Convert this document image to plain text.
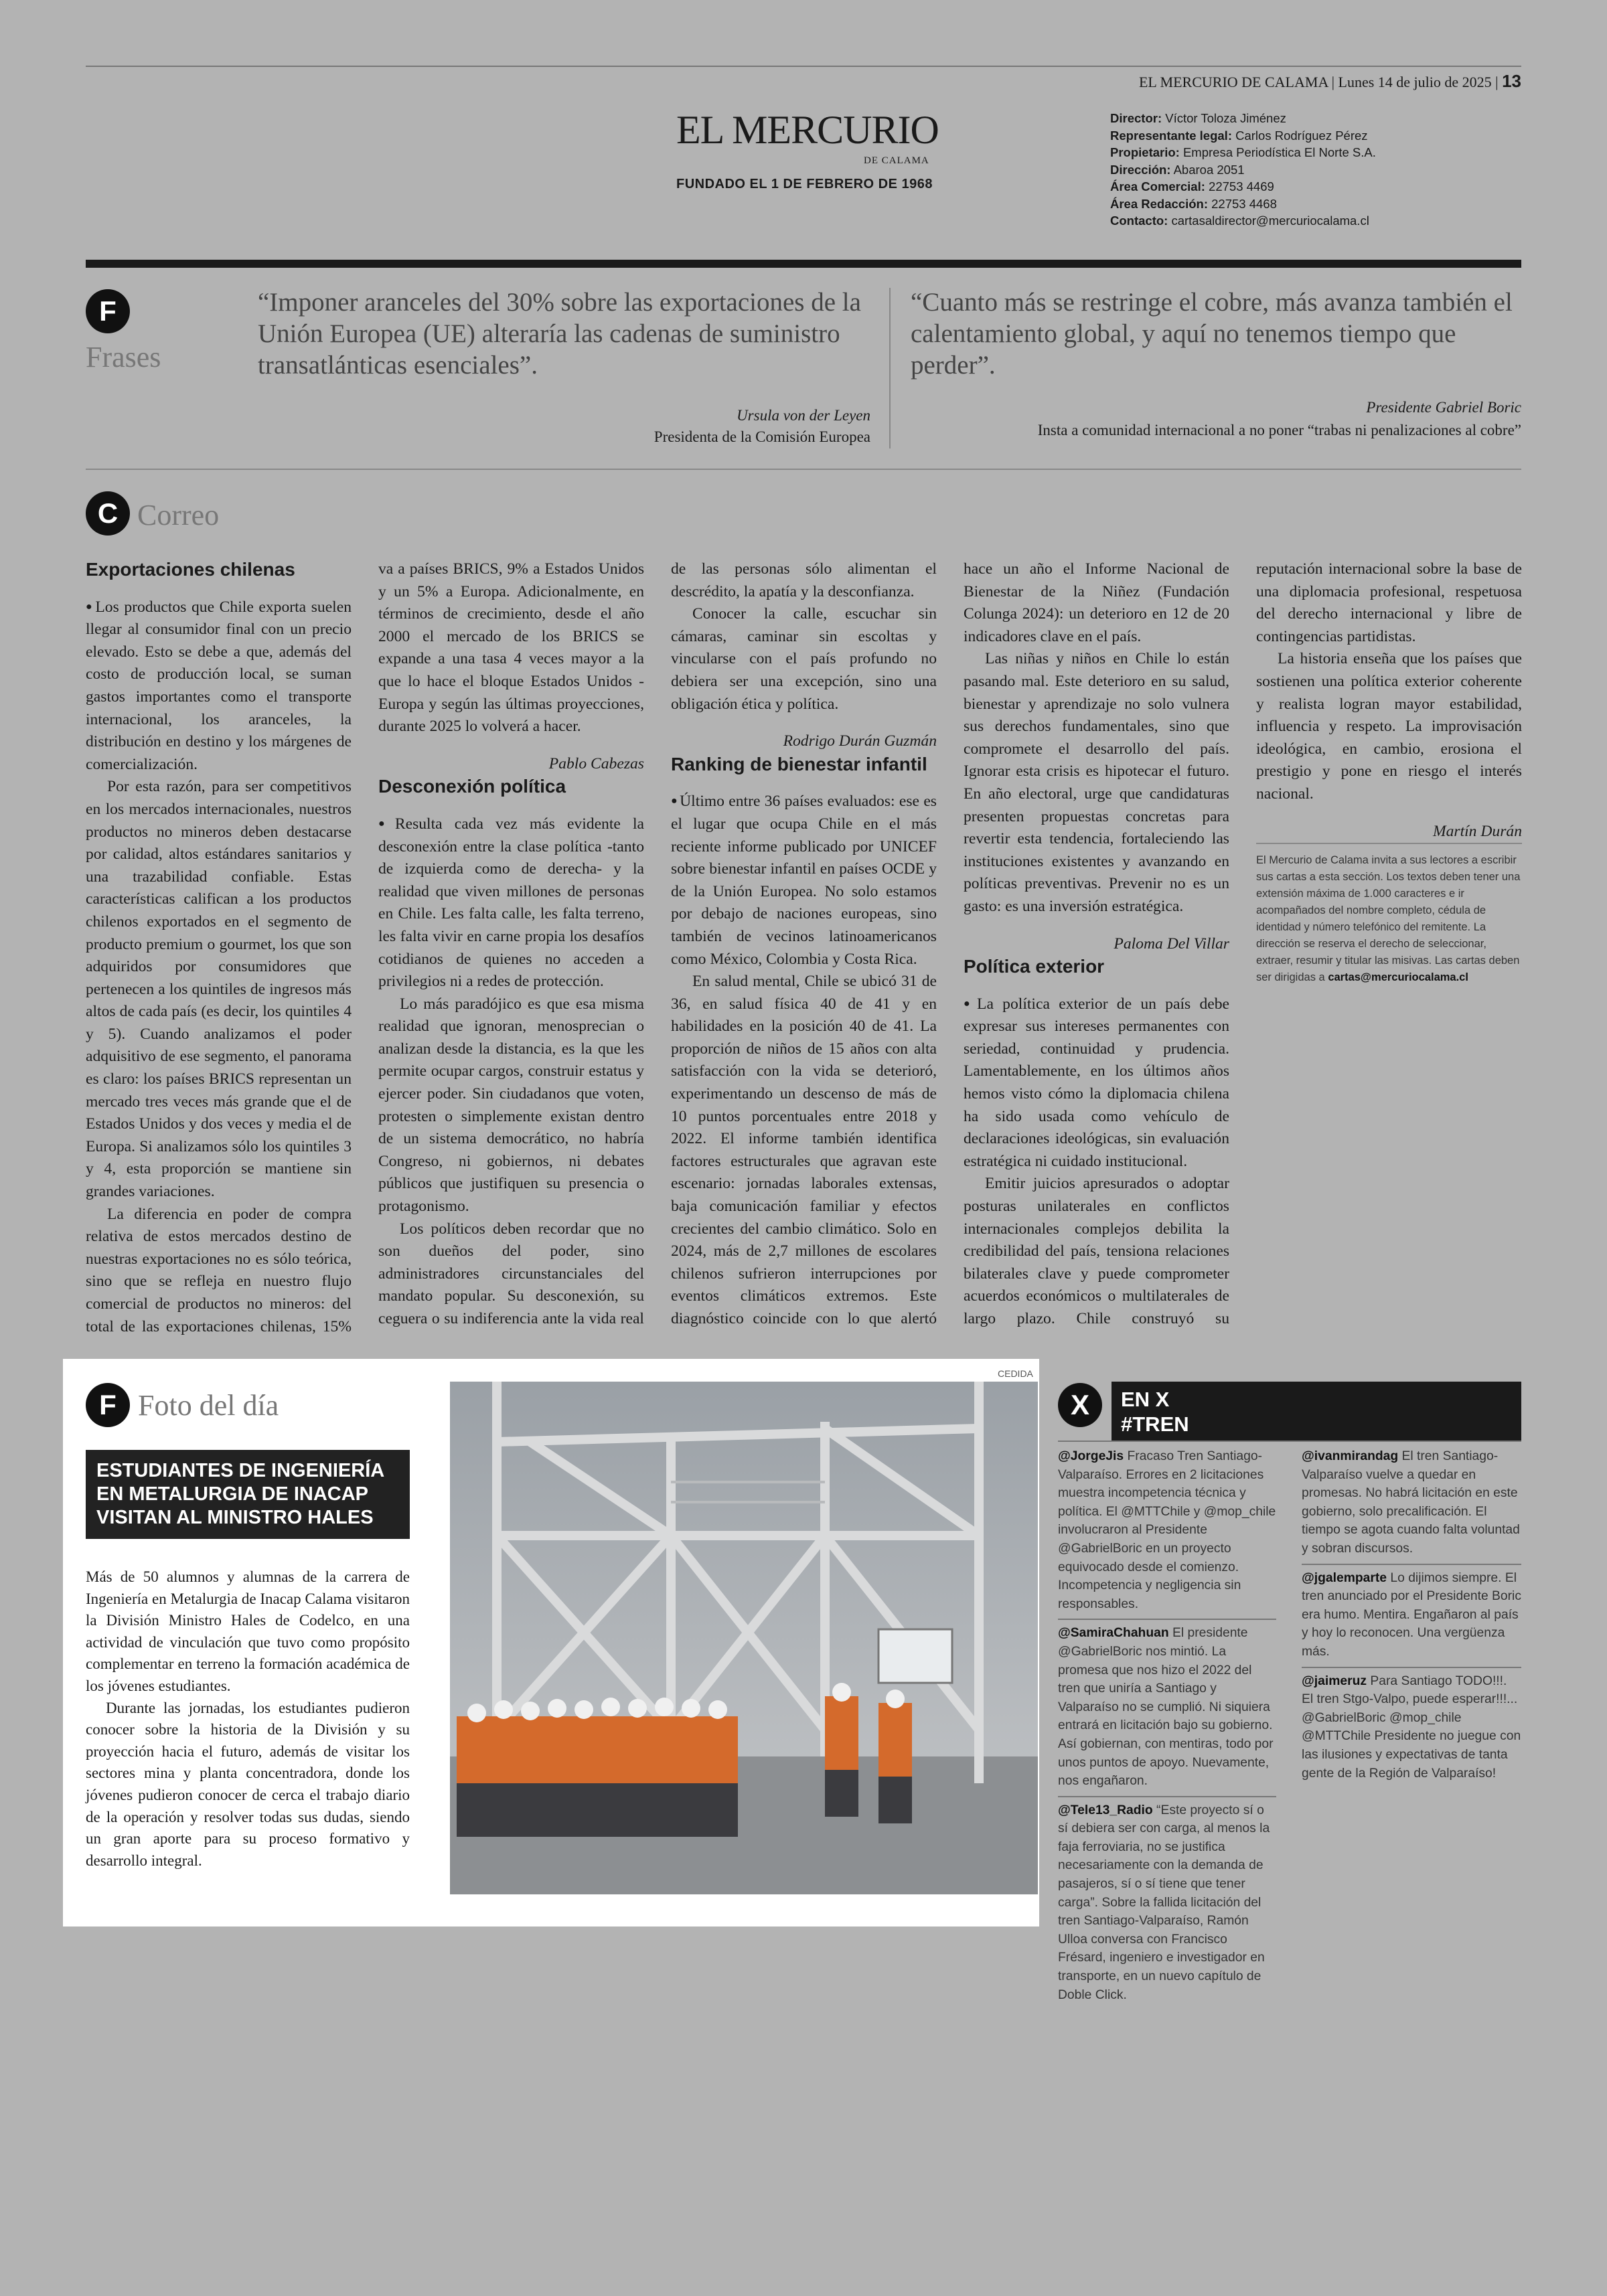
EL MERCURIO DE CALAMA | Lunes 14 de julio de 2025 | 13
EL MERCURIO
DE CALAMA
FUNDADO EL 1 DE FEBRERO DE 1968
Director: Víctor Toloza Jiménez
Representante legal: Carlos Rodríguez Pérez
Propietario: Empresa Periodística El Norte S.A.
Dirección: Abaroa 2051
Área Comercial: 22753 4469
Área Redacción: 22753 4468
Contacto: cartasaldirector@mercuriocalama.cl
F
Frases
“Imponer aranceles del 30% sobre las exportaciones de la Unión Europea (UE) alteraría las cadenas de suministro transatlánticas esenciales”.
Ursula von der Leyen
Presidenta de la Comisión Europea
“Cuanto más se restringe el cobre, más avanza también el calentamiento global, y aquí no tenemos tiempo que perder”.
Presidente Gabriel Boric
Insta a comunidad internacional a no poner “trabas ni penalizaciones al cobre”
C Correo
Exportaciones chilenas

● Los productos que Chile exporta suelen llegar al consumidor final con un precio elevado. Esto se debe a que, además del costo de producción local, se suman gastos importantes como el transporte internacional, los aranceles, la distribución en destino y los márgenes de comercialización.

Por esta razón, para ser competitivos en los mercados internacionales, nuestros productos no mineros deben destacarse por calidad, altos estándares sanitarios y una trazabilidad confiable. Estas características califican a los productos chilenos exportados en el segmento de producto premium o gourmet, los que son adquiridos por consumidores que pertenecen a los quintiles de ingresos más altos de cada país (es decir, los quintiles 4 y 5). Cuando analizamos el poder adquisitivo de ese segmento, el panorama es claro: los países BRICS representan un mercado tres veces más grande que el de Estados Unidos y dos veces y media el de Europa. Si analizamos sólo los quintiles 3 y 4, esta proporción se mantiene sin grandes variaciones.

La diferencia en poder de compra relativa de estos mercados destino de nuestras exportaciones no es sólo teórica, sino que se refleja en nuestro flujo comercial de productos no mineros: del total de las exportaciones chilenas, 15% va a países BRICS, 9% a Estados Unidos y un 5% a Europa. Adicionalmente, en términos de crecimiento, desde el año 2000 el mercado de los BRICS se expande a una tasa 4 veces mayor a la que lo hace el bloque Estados Unidos - Europa y según las últimas proyecciones, durante 2025 lo volverá a hacer.

Pablo Cabezas

Desconexión política

● Resulta cada vez más evidente la desconexión entre la clase política -tanto de izquierda como de derecha- y la realidad que viven millones de personas en Chile. Les falta calle, les falta terreno, les falta vivir en carne propia los desafíos cotidianos de quienes no acceden a privilegios ni a redes de protección.

Lo más paradójico es que esa misma realidad que ignoran, menosprecian o analizan desde la distancia, es la que les permite ocupar cargos, construir estatus y ejercer poder. Sin ciudadanos que voten, protesten o simplemente existan dentro de un sistema democrático, no habría Congreso, ni gobiernos, ni debates públicos que justifiquen su presencia o protagonismo.

Los políticos deben recordar que no son dueños del poder, sino administradores circunstanciales del mandato popular. Su desconexión, su ceguera o su indiferencia ante la vida real de las personas sólo alimentan el descrédito, la apatía y la desconfianza.

Conocer la calle, escuchar sin cámaras, caminar sin escoltas y vincularse con el país profundo no debiera ser una excepción, sino una obligación ética y política.

Rodrigo Durán Guzmán

Ranking de bienestar infantil

● Último entre 36 países evaluados: ese es el lugar que ocupa Chile en el más reciente informe publicado por UNICEF sobre bienestar infantil en países OCDE y de la Unión Europea. No solo estamos por debajo de naciones europeas, sino también de vecinos latinoamericanos como México, Colombia y Costa Rica.

En salud mental, Chile se ubicó 31 de 36, en salud física 40 de 41 y en habilidades en la posición 40 de 41. La proporción de niños de 15 años con alta satisfacción con la vida se deterioró, experimentando un descenso de más de 10 puntos porcentuales entre 2018 y 2022. El informe también identifica factores estructurales que agravan este escenario: jornadas laborales extensas, baja comunicación familiar y efectos crecientes del cambio climático. Solo en 2024, más de 2,7 millones de escolares chilenos sufrieron interrupciones por eventos climáticos extremos. Este diagnóstico coincide con lo que alertó hace un año el Informe Nacional de Bienestar de la Niñez (Fundación Colunga 2024): un deterioro en 12 de 20 indicadores clave en el país.

Las niñas y niños en Chile lo están pasando mal. Este deterioro en su salud, bienestar y aprendizaje no solo vulnera sus derechos fundamentales, sino que compromete el desarrollo del país. Ignorar esta crisis es hipotecar el futuro. En año electoral, urge que candidaturas presenten propuestas concretas para revertir esta tendencia, fortaleciendo las instituciones existentes y avanzando en políticas preventivas. Prevenir no es un gasto: es una inversión estratégica.

Paloma Del Villar

Política exterior

● La política exterior de un país debe expresar sus intereses permanentes con seriedad, continuidad y prudencia. Lamentablemente, en los últimos años hemos visto cómo la diplomacia chilena ha sido usada como vehículo de declaraciones ideológicas, sin evaluación estratégica ni cuidado institucional.

Emitir juicios apresurados o adoptar posturas unilaterales en conflictos internacionales complejos debilita la credibilidad del país, tensiona relaciones bilaterales clave y puede comprometer acuerdos económicos o multilaterales de largo plazo. Chile construyó su reputación internacional sobre la base de una diplomacia profesional, respetuosa del derecho internacional y libre de contingencias partidistas.

La historia enseña que los países que sostienen una política exterior coherente y realista logran mayor estabilidad, influencia y respeto. La improvisación ideológica, en cambio, erosiona el prestigio y pone en riesgo el interés nacional.

Martín Durán

El Mercurio de Calama invita a sus lectores a escribir sus cartas a esta sección. Los textos deben tener una extensión máxima de 1.000 caracteres e ir acompañados del nombre completo, cédula de identidad y número telefónico del remitente. La dirección se reserva el derecho de seleccionar, extraer, resumir y titular las misivas. Las cartas deben ser dirigidas a cartas@mercuriocalama.cl
F Foto del día
ESTUDIANTES DE INGENIERÍA EN METALURGIA DE INACAP VISITAN AL MINISTRO HALES

Más de 50 alumnos y alumnas de la carrera de Ingeniería en Metalurgia de Inacap Calama visitaron la División Ministro Hales de Codelco, en una actividad de vinculación que tuvo como propósito complementar en terreno la formación académica de los jóvenes estudiantes.

Durante las jornadas, los estudiantes pudieron conocer sobre la historia de la División y su proyección hacia el futuro, además de visitar los sectores mina y planta concentradora, donde los jóvenes pudieron conocer de cerca el trabajo diario de la operación y resolver todas sus dudas, siendo un gran aporte para su proceso formativo y desarrollo integral.

CEDIDA
X	EN X
#TREN
@JorgeJis Fracaso Tren Santiago-Valparaíso. Errores en 2 licitaciones muestra incompetencia técnica y política. El @MTTChile y @mop_chile involucraron al Presidente @GabrielBoric en un proyecto equivocado desde el comienzo. Incompetencia y negligencia sin responsables.
@SamiraChahuan El presidente @GabrielBoric nos mintió. La promesa que nos hizo el 2022 del tren que uniría a Santiago y Valparaíso no se cumplió. Ni siquiera entrará en licitación bajo su gobierno. Así gobiernan, con mentiras, todo por unos puntos de apoyo. Nuevamente, nos engañaron.
@Tele13_Radio “Este proyecto sí o sí debiera ser con carga, al menos la faja ferroviaria, no se justifica necesariamente con la demanda de pasajeros, sí o sí tiene que tener carga”. Sobre la fallida licitación del tren Santiago-Valparaíso, Ramón Ulloa conversa con Francisco Frésard, ingeniero e investigador en transporte, en un nuevo capítulo de Doble Click.
@ivanmirandag El tren Santiago-Valparaíso vuelve a quedar en promesas. No habrá licitación en este gobierno, solo precalificación. El tiempo se agota cuando falta voluntad y sobran discursos.
@jgalemparte Lo dijimos siempre. El tren anunciado por el Presidente Boric era humo. Mentira. Engañaron al país y hoy lo reconocen. Una vergüenza más.
@jaimeruz Para Santiago TODO!!!. El tren Stgo-Valpo, puede esperar!!!... @GabrielBoric @mop_chile @MTTChile Presidente no juegue con las ilusiones y expectativas de tanta gente de la Región de Valparaíso!
